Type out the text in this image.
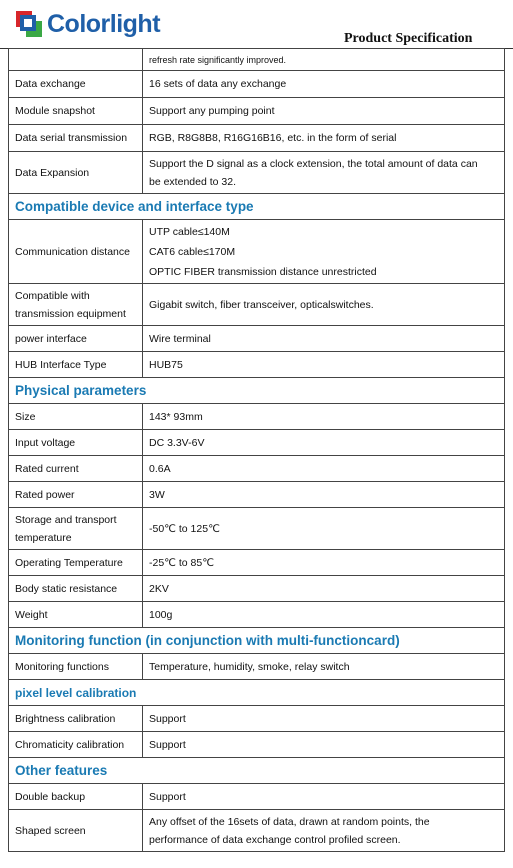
Colorlight
Product Specification
	refresh rate significantly improved.
Data exchange	16 sets of data any exchange
Module snapshot	Support any pumping point
Data serial transmission	RGB, R8G8B8, R16G16B16, etc. in the form of serial
Data Expansion	Support the D signal as a clock extension, the total amount of data can
be extended to 32.

Compatible device and interface type	
Communication distance	UTP cable≤140M
CAT6 cable≤170M
OPTIC FIBER transmission distance unrestricted

Compatible with
transmission equipment	Gigabit switch, fiber transceiver, opticalswitches.
power interface	Wire terminal
HUB Interface Type	HUB75
Physical parameters	
Size	143* 93mm
Input voltage	DC 3.3V-6V
Rated current	0.6A
Rated power	3W

Storage and transport
temperature	-50℃ to 125℃
Operating Temperature	-25℃ to 85℃
Body static resistance	2KV
Weight	100g
Monitoring function (in conjunction with multi-functioncard)	
Monitoring functions	Temperature, humidity, smoke, relay switch
pixel level calibration	
Brightness calibration	Support
Chromaticity calibration	Support
Other features	
Double backup	Support
Shaped screen	Any offset of the 16sets of data, drawn at random points, the
performance of data exchange control profiled screen.
